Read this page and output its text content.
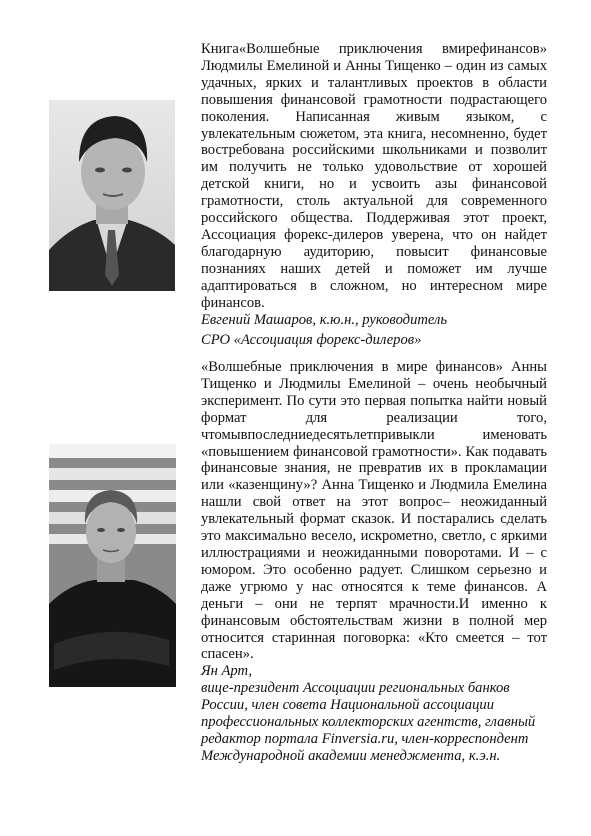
Книга«Волшебные приключения вмирефинансов» Людмилы Емелиной и Анны Тищенко – один из самых удачных, ярких и талантливых проектов в области повышения финансовой грамотности подрастающего поколения. Написанная живым языком, с увлекательным сюжетом, эта книга, несомненно, будет востребована российскими школьниками и позволит им получить не только удовольствие от хорошей детской книги, но и усвоить азы финансовой грамотности, столь актуальной для современного российского общества. Поддерживая этот проект, Ассоциация форекс-дилеров уверена, что он найдет благодарную аудиторию, повысит финансовые познаниях наших детей и поможет им лучше адаптироваться в сложном, но интересном мире финансов.

Евгений Машаров, к.ю.н., руководитель

СРО «Ассоциация форекс-дилеров»

«Волшебные приключения в мире финансов» Анны Тищенко и Людмилы Емелиной – очень необычный эксперимент. По сути это первая попытка найти новый формат для реализации того, чтомывпоследниедесятьлетпривыкли именовать «повышением финансовой грамотности». Как подавать финансовые знания, не превратив их в прокламации или «казенщину»? Анна Тищенко и Людмила Емелина нашли свой ответ на этот вопрос– неожиданный увлекательный формат сказок. И постарались сделать это максимально весело, искрометно, светло, с яркими иллюстрациями и неожиданными поворотами. И – с юмором. Это особенно радует. Слишком серьезно и даже угрюмо у нас относятся к теме финансов. А деньги – они не терпят мрачности.И именно к финансовым обстоятельствам жизни в полной мер относится старинная поговорка: «Кто смеется – тот спасен».

Ян Арт,

вице-президент Ассоциации региональных банков России, член совета Национальной ассоциации профессиональных коллекторских агентств, главный редактор портала Finversia.ru, член-корреспондент Международной академии менеджмента, к.э.н.
